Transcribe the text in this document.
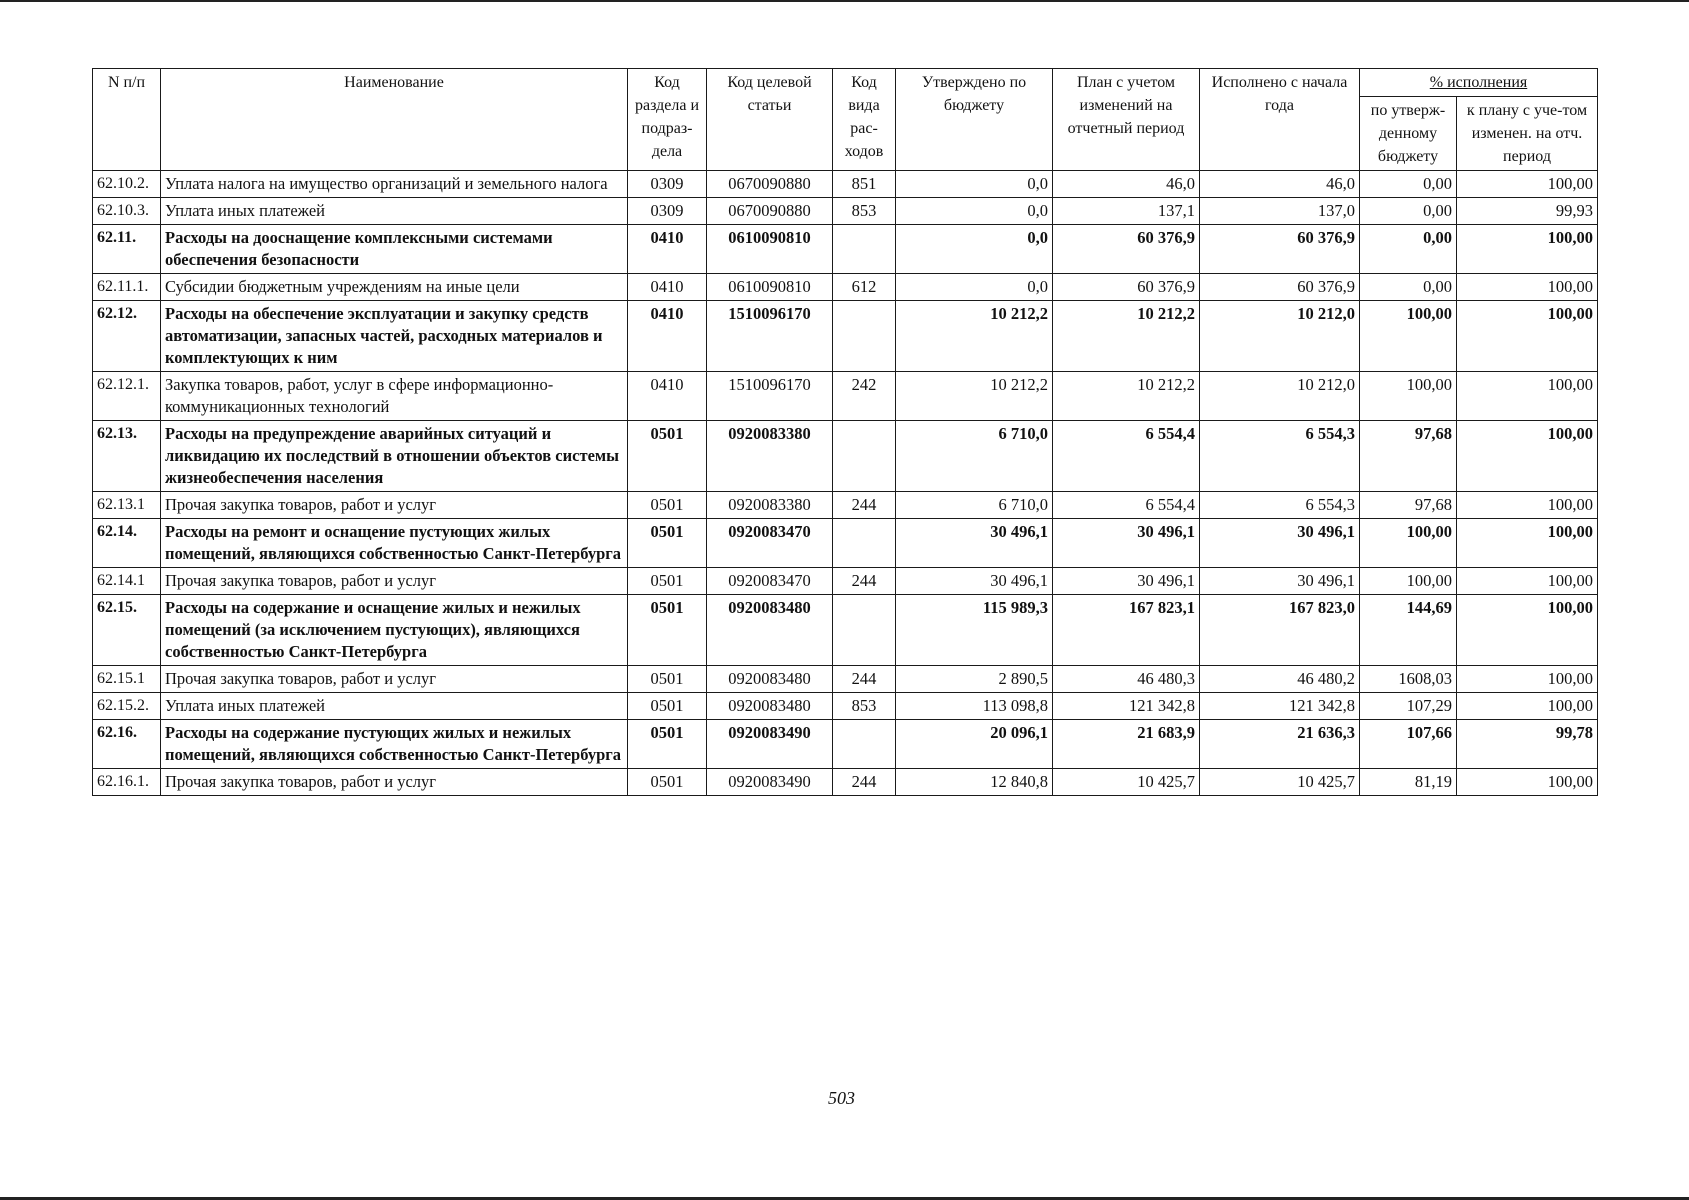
N п/п	Наименование	Код раздела и подраз-дела	Код целевой статьи	Код вида рас-ходов	Утверждено по бюджету	План с учетом изменений на отчетный период	Исполнено с начала года	% исполнения	
								по утверж-денному бюджету	к плану с уче-том изменен. на отч. период
62.10.2.	Уплата налога на имущество организаций и земельного налога	0309	0670090880	851	0,0	46,0	46,0	0,00	100,00
62.10.3.	Уплата иных платежей	0309	0670090880	853	0,0	137,1	137,0	0,00	99,93
62.11.	Расходы на дооснащение комплексными системами обеспечения безопасности	0410	0610090810		0,0	60 376,9	60 376,9	0,00	100,00
62.11.1.	Субсидии бюджетным учреждениям на иные цели	0410	0610090810	612	0,0	60 376,9	60 376,9	0,00	100,00
62.12.	Расходы на обеспечение эксплуатации и закупку средств автоматизации, запасных частей, расходных материалов и комплектующих к ним	0410	1510096170		10 212,2	10 212,2	10 212,0	100,00	100,00
62.12.1.	Закупка товаров, работ, услуг в сфере информационно-коммуникационных технологий	0410	1510096170	242	10 212,2	10 212,2	10 212,0	100,00	100,00
62.13.	Расходы на предупреждение аварийных ситуаций и ликвидацию их последствий в отношении объектов системы жизнеобеспечения населения	0501	0920083380		6 710,0	6 554,4	6 554,3	97,68	100,00
62.13.1	Прочая закупка товаров, работ и услуг	0501	0920083380	244	6 710,0	6 554,4	6 554,3	97,68	100,00
62.14.	Расходы на ремонт и оснащение пустующих жилых помещений, являющихся собственностью Санкт-Петербурга	0501	0920083470		30 496,1	30 496,1	30 496,1	100,00	100,00
62.14.1	Прочая закупка товаров, работ и услуг	0501	0920083470	244	30 496,1	30 496,1	30 496,1	100,00	100,00
62.15.	Расходы на содержание и оснащение жилых и нежилых помещений (за исключением пустующих), являющихся собственностью Санкт-Петербурга	0501	0920083480		115 989,3	167 823,1	167 823,0	144,69	100,00
62.15.1	Прочая закупка товаров, работ и услуг	0501	0920083480	244	2 890,5	46 480,3	46 480,2	1608,03	100,00
62.15.2.	Уплата иных платежей	0501	0920083480	853	113 098,8	121 342,8	121 342,8	107,29	100,00
62.16.	Расходы на содержание пустующих жилых и нежилых помещений, являющихся собственностью Санкт-Петербурга	0501	0920083490		20 096,1	21 683,9	21 636,3	107,66	99,78
62.16.1.	Прочая закупка товаров, работ и услуг	0501	0920083490	244	12 840,8	10 425,7	10 425,7	81,19	100,00
503
